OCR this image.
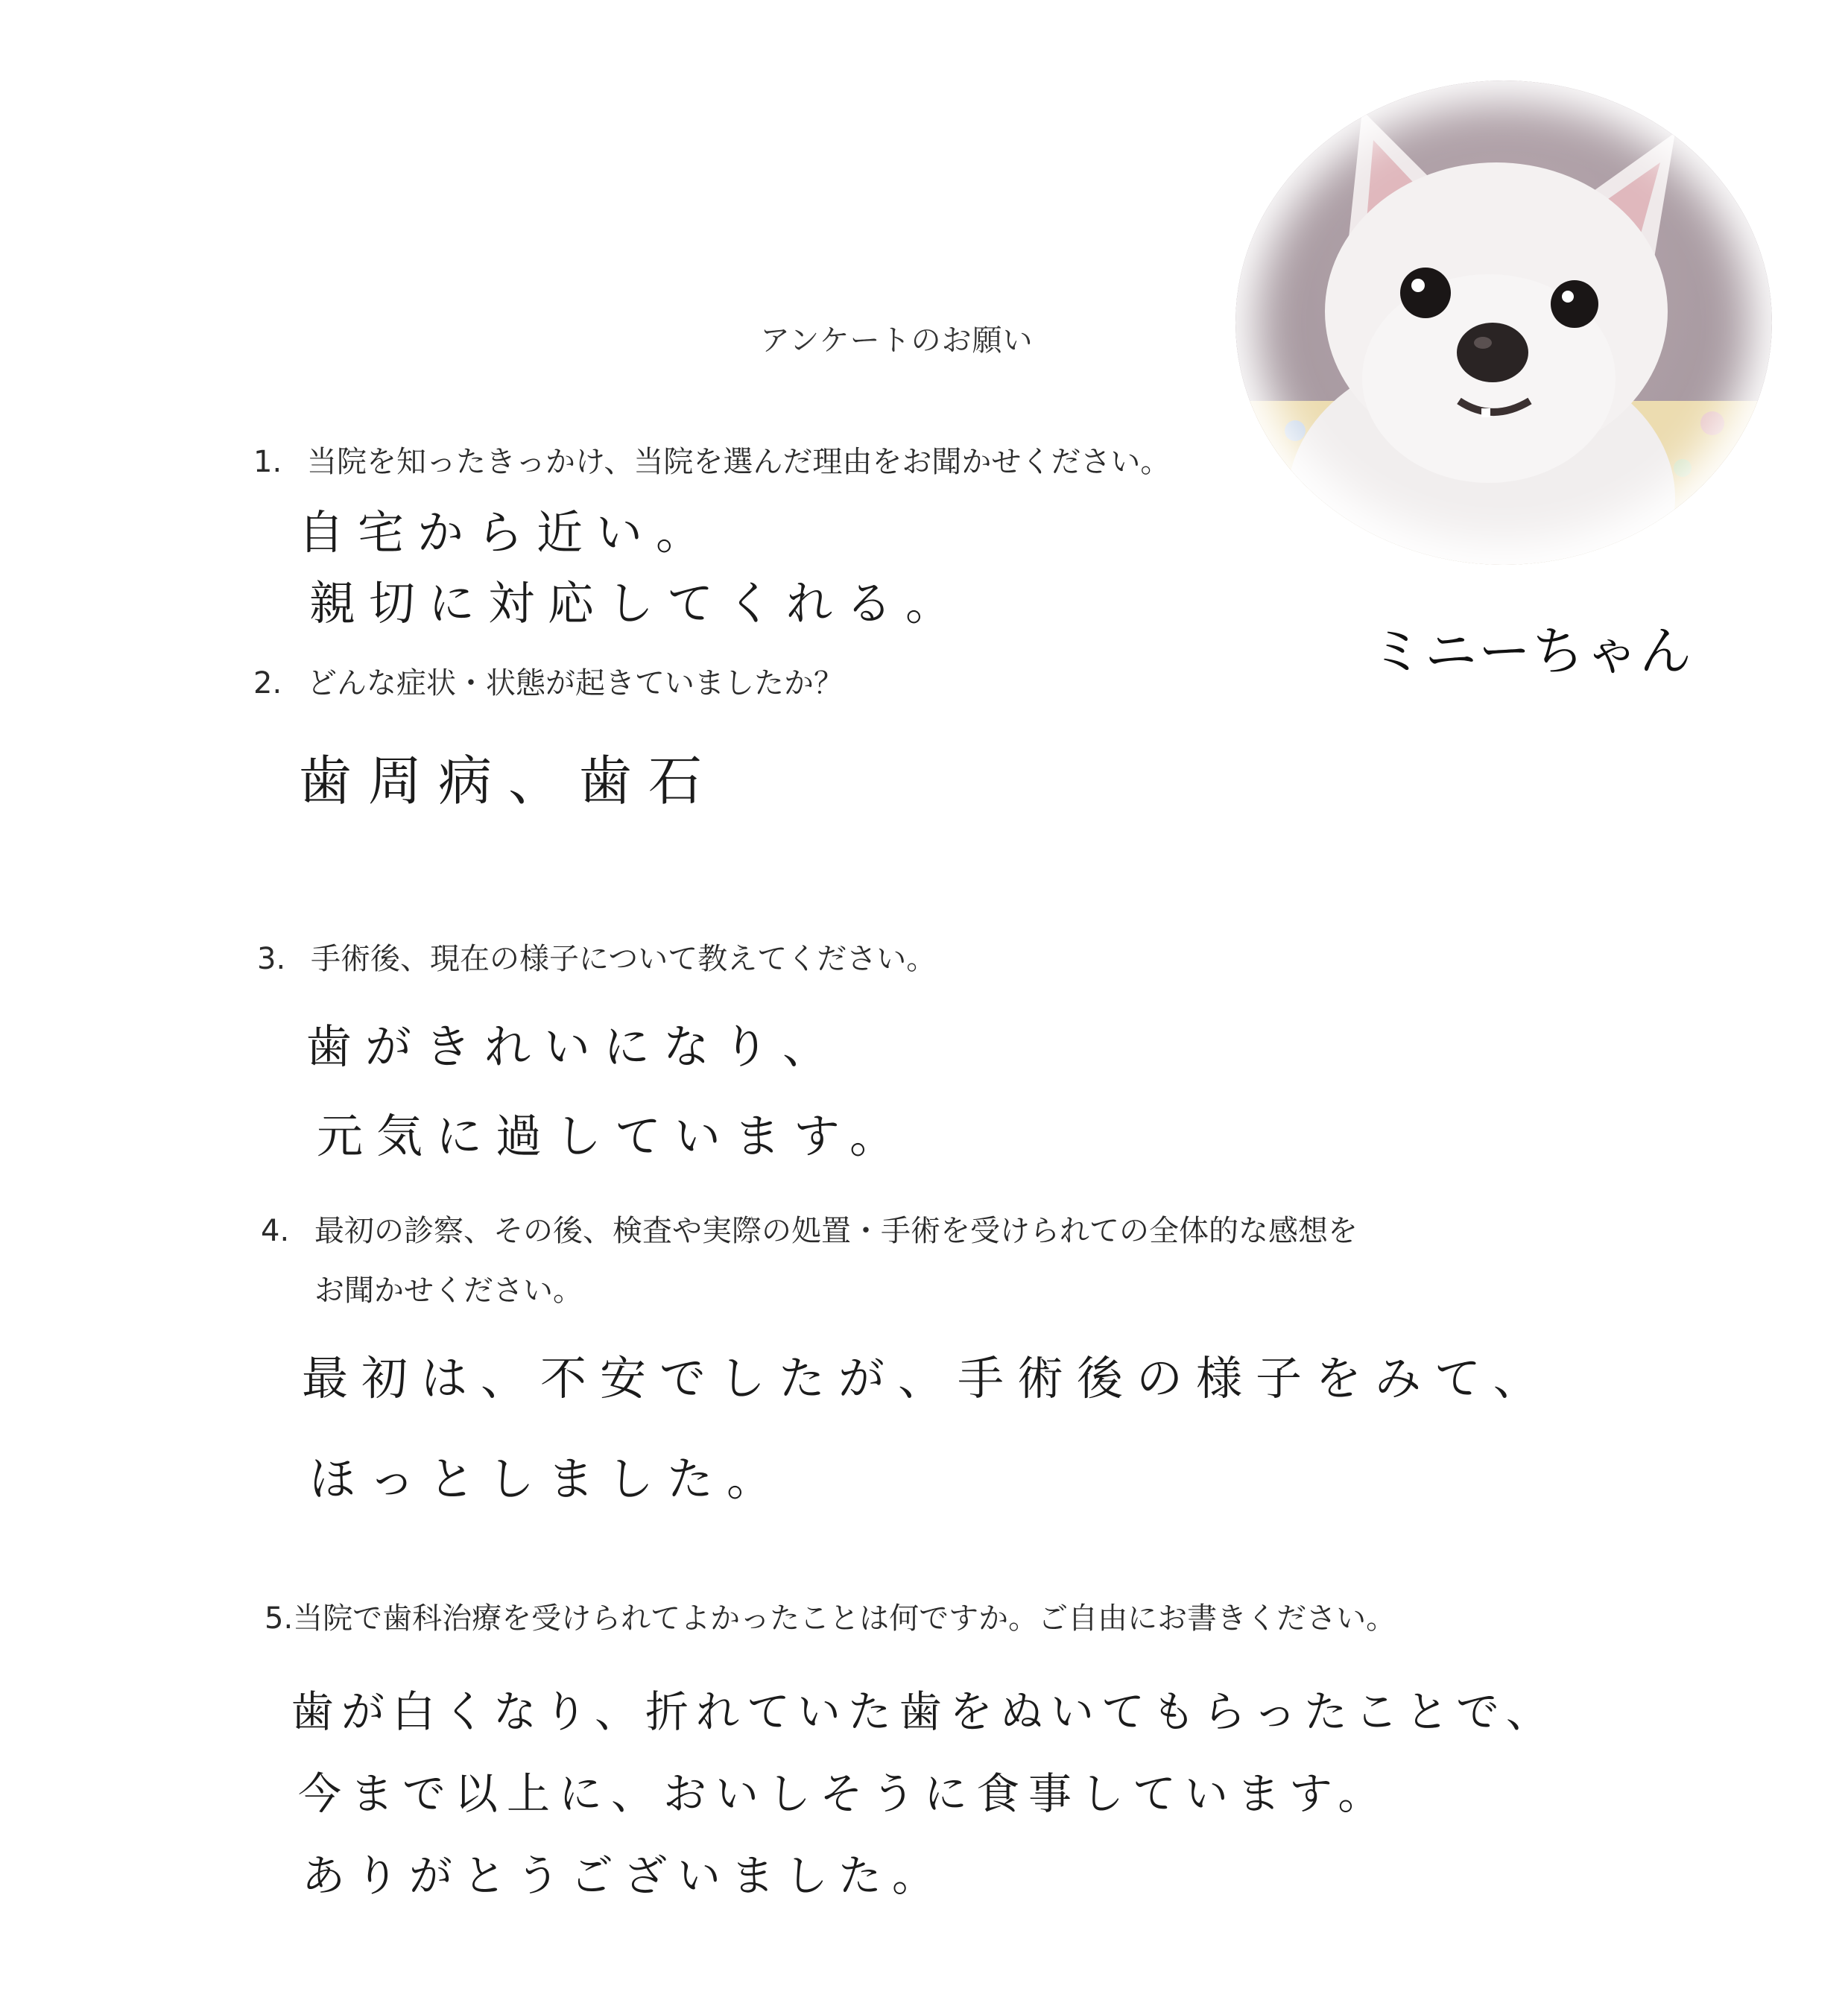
アンケートのお願い
ミニーちゃん
1. 当院を知ったきっかけ、当院を選んだ理由をお聞かせください。
自宅から近い。
親切に対応してくれる。
2. どんな症状・状態が起きていましたか？
歯周病、歯石
3. 手術後、現在の様子について教えてください。
歯がきれいになり、
元気に過しています。
4. 最初の診察、その後、検査や実際の処置・手術を受けられての全体的な感想を
お聞かせください。
最初は、不安でしたが、手術後の様子をみて、
ほっとしました。
5.当院で歯科治療を受けられてよかったことは何ですか。ご自由にお書きください。
歯が白くなり、折れていた歯をぬいてもらったことで、
今まで以上に、おいしそうに食事しています。
ありがとうございました。
